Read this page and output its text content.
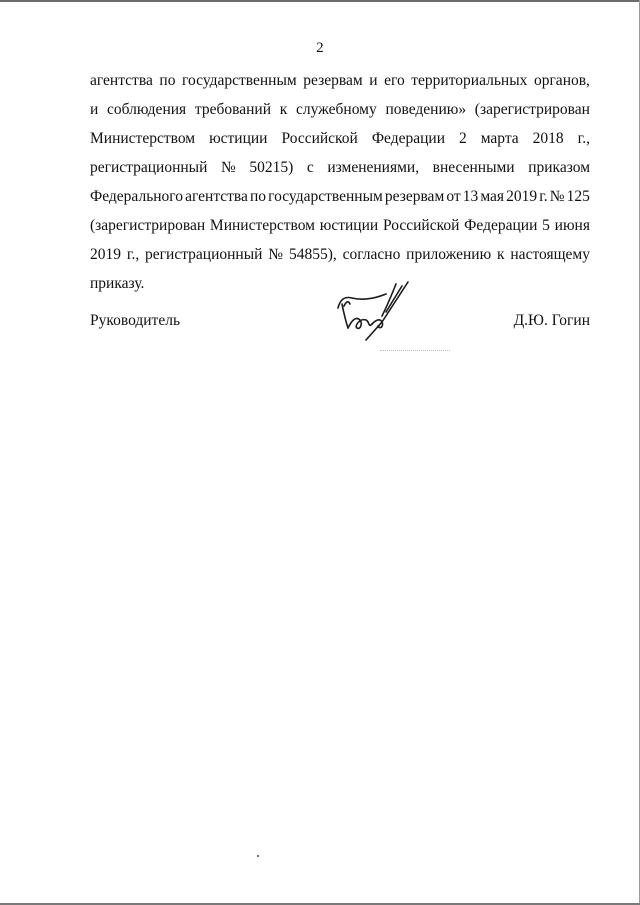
2
агентства по государственным резервам и его территориальных органов,
и соблюдения требований к служебному поведению» (зарегистрирован
Министерством юстиции Российской Федерации 2 марта 2018 г.,
регистрационный № 50215) с изменениями, внесенными приказом
Федерального агентства по государственным резервам от 13 мая 2019 г. № 125
(зарегистрирован Министерством юстиции Российской Федерации 5 июня
2019 г., регистрационный № 54855), согласно приложению к настоящему
приказу.
Руководитель	Д.Ю. Гогин
